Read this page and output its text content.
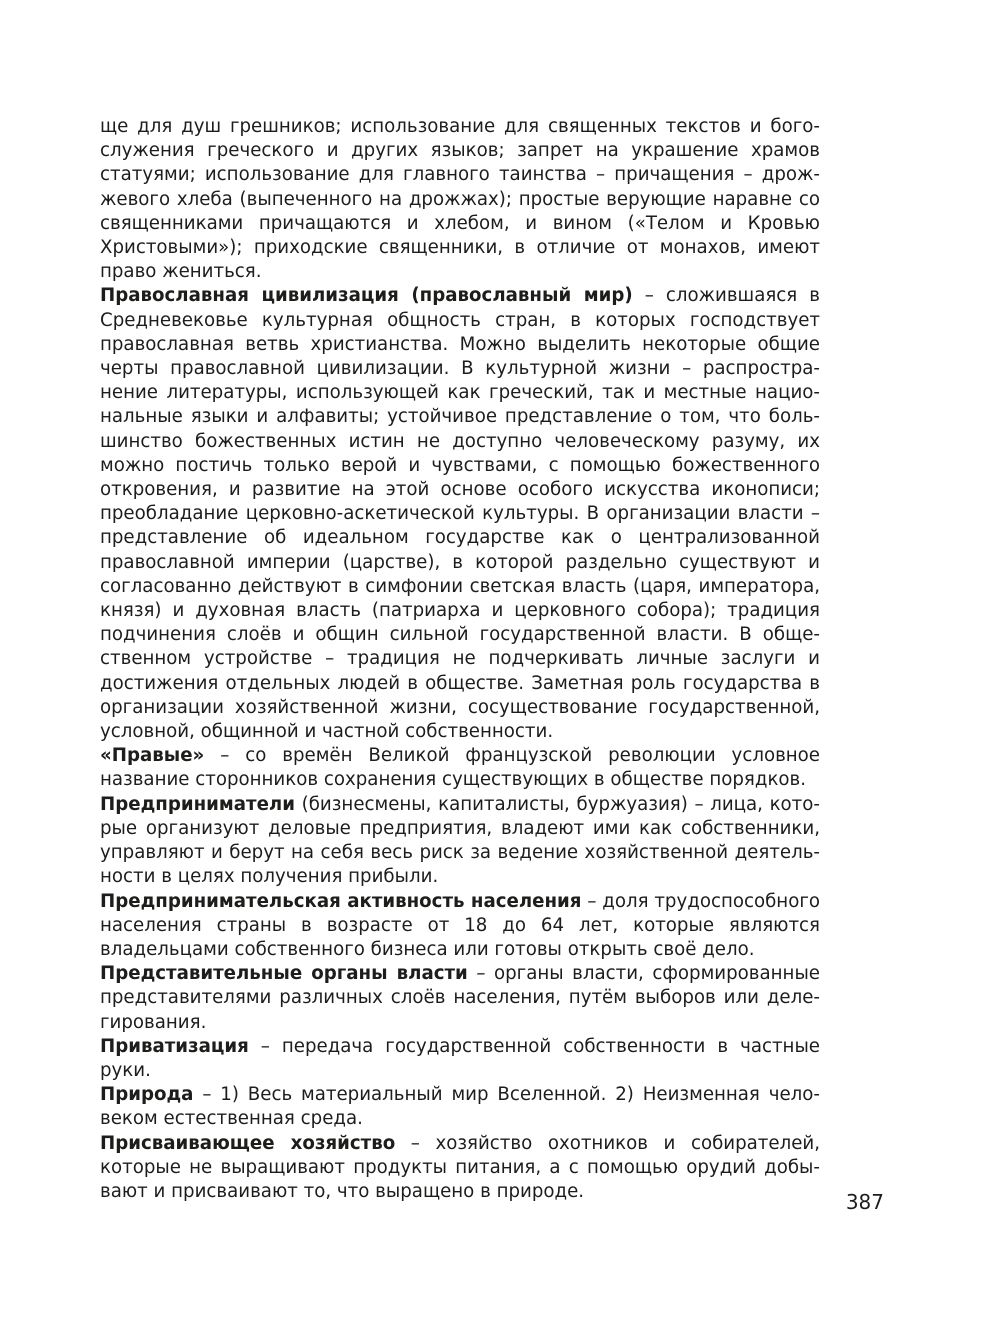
ще для душ грешников; использование для священных текстов и богослужения греческого и других языков; запрет на украшение храмов статуями; использование для главного таинства – причащения – дрожжевого хлеба (выпеченного на дрожжах); простые верующие наравне со священниками причащаются и хлебом, и вином («Телом и Кровью Христовыми»); приходские священники, в отличие от монахов, имеют право жениться.

Православная цивилизация (православный мир) – сложившаяся в Средневековье культурная общность стран, в которых господствует православная ветвь христианства. Можно выделить некоторые общие черты православной цивилизации. В культурной жизни – распространение литературы, использующей как греческий, так и местные национальные языки и алфавиты; устойчивое представление о том, что большинство божественных истин не доступно человеческому разуму, их можно постичь только верой и чувствами, с помощью божественного откровения, и развитие на этой основе особого искусства иконописи; преобладание церковно-аскетической культуры. В организации власти – представление об идеальном государстве как о централизованной православной империи (царстве), в которой раздельно существуют и согласованно действуют в симфонии светская власть (царя, императора, князя) и духовная власть (патриарха и церковного собора); традиция подчинения слоёв и общин сильной государственной власти. В общественном устройстве – традиция не подчеркивать личные заслуги и достижения отдельных людей в обществе. Заметная роль государства в организации хозяйственной жизни, сосуществование государственной, условной, общинной и частной собственности.

«Правые» – со времён Великой французской революции условное название сторонников сохранения существующих в обществе порядков.

Предприниматели (бизнесмены, капиталисты, буржуазия) – лица, которые организуют деловые предприятия, владеют ими как собственники, управляют и берут на себя весь риск за ведение хозяйственной деятельности в целях получения прибыли.

Предпринимательская активность населения – доля трудоспособного населения страны в возрасте от 18 до 64 лет, которые являются владельцами собственного бизнеса или готовы открыть своё дело.

Представительные органы власти – органы власти, сформированные представителями различных слоёв населения, путём выборов или делегирования.

Приватизация – передача государственной собственности в частные руки.

Природа – 1) Весь материальный мир Вселенной. 2) Неизменная человеком естественная среда.

Присваивающее хозяйство – хозяйство охотников и собирателей, которые не выращивают продукты питания, а с помощью орудий добывают и присваивают то, что выращено в природе.	387
